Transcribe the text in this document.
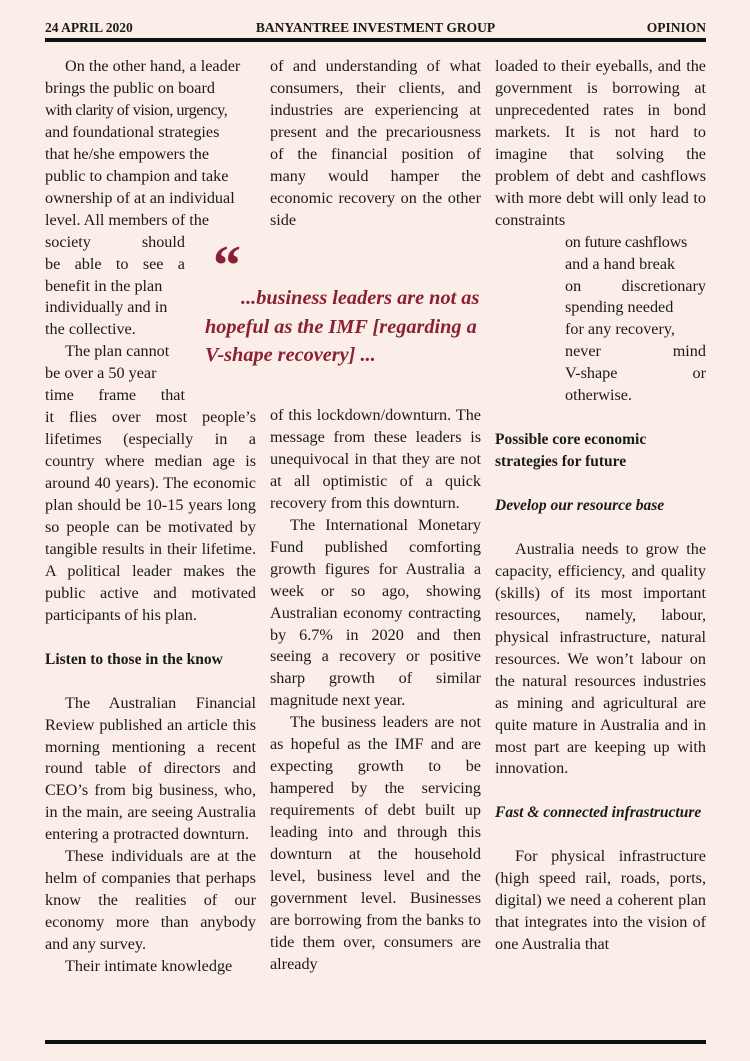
24 APRIL 2020	BANYANTREE INVESTMENT GROUP	OPINION

On the other hand, a leader

brings the public on board

with clarity of vision, urgency,

and foundational strategies

that he/she empowers the

public to champion and take

ownership of at an individual

level. All members of the

society should

be able to see a

benefit in the plan

individually and in

the collective.

The plan cannot

be over a 50 year

time frame that

it flies over most people’s lifetimes (especially in a country where median age is around 40 years). The economic plan should be 10-15 years long so people can be motivated by tangible results in their lifetime. A political leader makes the public active and motivated participants of his plan.

Listen to those in the know

The Australian Financial Review published an article this morning mentioning a recent round table of directors and CEO’s from big business, who, in the main, are seeing Australia entering a protracted downturn.

These individuals are at the helm of companies that perhaps know the realities of our economy more than anybody and any survey.

Their intimate knowledge

of and understanding of what consumers, their clients, and industries are experiencing at present and the precariousness of the financial position of many would hamper the economic recovery on the other side

of this lockdown/downturn. The message from these leaders is unequivocal in that they are not at all optimistic of a quick recovery from this downturn.

The International Monetary Fund published comforting growth figures for Australia a week or so ago, showing Australian economy contracting by 6.7% in 2020 and then seeing a recovery or positive sharp growth of similar magnitude next year.

The business leaders are not as hopeful as the IMF and are expecting growth to be hampered by the servicing requirements of debt built up leading into and through this downturn at the household level, business level and the government level. Businesses are borrowing from the banks to tide them over, consumers are already

“
...business leaders are not as
hopeful as the IMF [regarding a
V-shape recovery] ...

loaded to their eyeballs, and the government is borrowing at unprecedented rates in bond markets. It is not hard to imagine that solving the problem of debt and cashflows with more debt will only lead to constraints

on future cashflows

and a hand break

on discretionary

spending needed

for any recovery,

never mind

V-shape or

otherwise.

Possible core economic strategies for future
Develop our resource base

Australia needs to grow the capacity, efficiency, and quality (skills) of its most important resources, namely, labour, physical infrastructure, natural resources. We won’t labour on the natural resources industries as mining and agricultural are quite mature in Australia and in most part are keeping up with innovation.

Fast & connected infrastructure

For physical infrastructure (high speed rail, roads, ports, digital) we need a coherent plan that integrates into the vision of one Australia that
